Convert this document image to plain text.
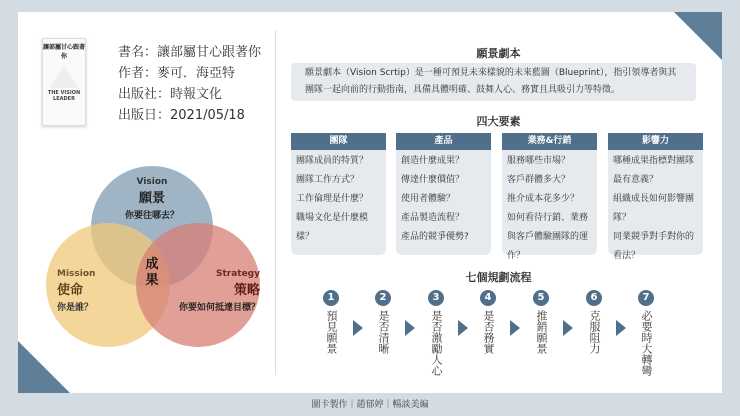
讓部屬甘心跟著你
THE VISION LEADER
書名：讓部屬甘心跟著你
作者：麥可．海亞特
出版社：時報文化
出版日：2021/05/18
Vision
願景
你要往哪去？
Mission
使命
你是誰？
Strategy
策略
你要如何抵達目標？
成果
願景劇本
願景劇本（Vision Scrtip）是一種可預見未來樣貌的未來藍圖（Blueprint），指引領導者與其團隊一起向前的行動指南，具備具體明確、鼓舞人心、務實且具吸引力等特徵。
四大要素
團隊
團隊成員的特質？
團隊工作方式？
工作倫理是什麼？
職場文化是什麼模樣？
產品
創造什麼成果？
傳達什麼價值？
使用者體驗？
產品製造流程？
產品的競爭優勢?
業務&行銷
服務哪些市場？
客戶群體多大？
推介成本花多少？
如何看待行銷、業務與客戶體驗團隊的運作？
影響力
哪種成果指標對團隊最有意義？
組織成長如何影響團隊？
同業競爭對手對你的看法？
七個規劃流程
1
預見願景
2
是否清晰
3
是否激勵人心
4
是否務實
5
推銷願景
6
克服阻力
7
必要時大轉彎
圖卡製作｜趙郁婷｜暢談美編
